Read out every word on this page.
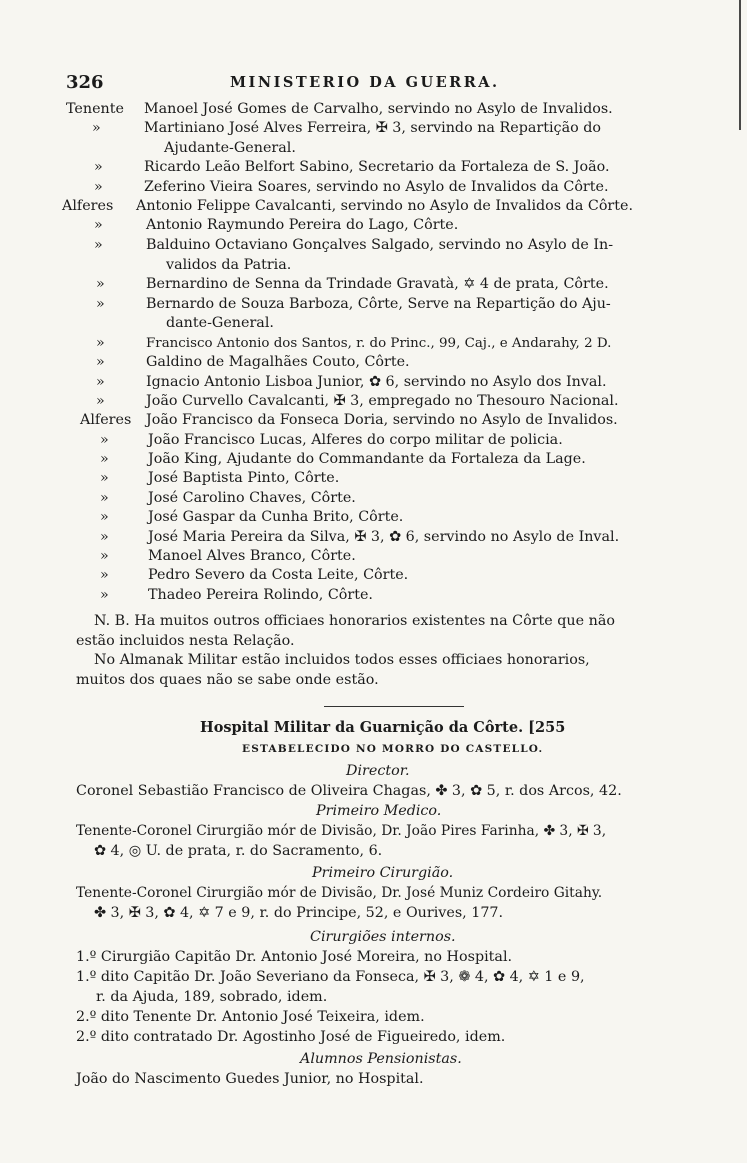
326	MINISTERIO DA GUERRA.
Tenente
»
»
»
Alferes
»
»
»
»
»
»
»
»
Alferes
»
»
»
»
»
»
»
»
»
Manoel José Gomes de Carvalho, servindo no Asylo de Invalidos.
Martiniano José Alves Ferreira, ✠ 3, servindo na Repartição do
Ajudante-General.
Ricardo Leão Belfort Sabino, Secretario da Fortaleza de S. João.
Zeferino Vieira Soares, servindo no Asylo de Invalidos da Côrte.
Antonio Felippe Cavalcanti, servindo no Asylo de Invalidos da Côrte.
Antonio Raymundo Pereira do Lago, Côrte.
Balduino Octaviano Gonçalves Salgado, servindo no Asylo de In-
validos da Patria.
Bernardino de Senna da Trindade Gravatà, ✡ 4 de prata, Côrte.
Bernardo de Souza Barboza, Côrte, Serve na Repartição do Aju-
dante-General.
Francisco Antonio dos Santos, r. do Princ., 99, Caj., e Andarahy, 2 D.
Galdino de Magalhães Couto, Côrte.
Ignacio Antonio Lisboa Junior, ✿ 6, servindo no Asylo dos Inval.
João Curvello Cavalcanti, ✠ 3, empregado no Thesouro Nacional.
João Francisco da Fonseca Doria, servindo no Asylo de Invalidos.
João Francisco Lucas, Alferes do corpo militar de policia.
João King, Ajudante do Commandante da Fortaleza da Lage.
José Baptista Pinto, Côrte.
José Carolino Chaves, Côrte.
José Gaspar da Cunha Brito, Côrte.
José Maria Pereira da Silva, ✠ 3, ✿ 6, servindo no Asylo de Inval.
Manoel Alves Branco, Côrte.
Pedro Severo da Costa Leite, Côrte.
Thadeo Pereira Rolindo, Côrte.
N. B. Ha muitos outros officiaes honorarios existentes na Côrte que não
estão incluidos nesta Relação.
No Almanak Militar estão incluidos todos esses officiaes honorarios,
muitos dos quaes não se sabe onde estão.
Hospital Militar da Guarnição da Côrte. [255
ESTABELECIDO NO MORRO DO CASTELLO.
Director.
Coronel Sebastião Francisco de Oliveira Chagas, ✤ 3, ✿ 5, r. dos Arcos, 42.
Primeiro Medico.
Tenente-Coronel Cirurgião mór de Divisão, Dr. João Pires Farinha, ✤ 3, ✠ 3,
✿ 4, ◎ U. de prata, r. do Sacramento, 6.
Primeiro Cirurgião.
Tenente-Coronel Cirurgião mór de Divisão, Dr. José Muniz Cordeiro Gitahy.
✤ 3, ✠ 3, ✿ 4, ✡ 7 e 9, r. do Principe, 52, e Ourives, 177.
Cirurgiões internos.
1.º Cirurgião Capitão Dr. Antonio José Moreira, no Hospital.
1.º dito Capitão Dr. João Severiano da Fonseca, ✠ 3, ❁ 4, ✿ 4, ✡ 1 e 9,
r. da Ajuda, 189, sobrado, idem.
2.º dito Tenente Dr. Antonio José Teixeira, idem.
2.º dito contratado Dr. Agostinho José de Figueiredo, idem.
Alumnos Pensionistas.
João do Nascimento Guedes Junior, no Hospital.
